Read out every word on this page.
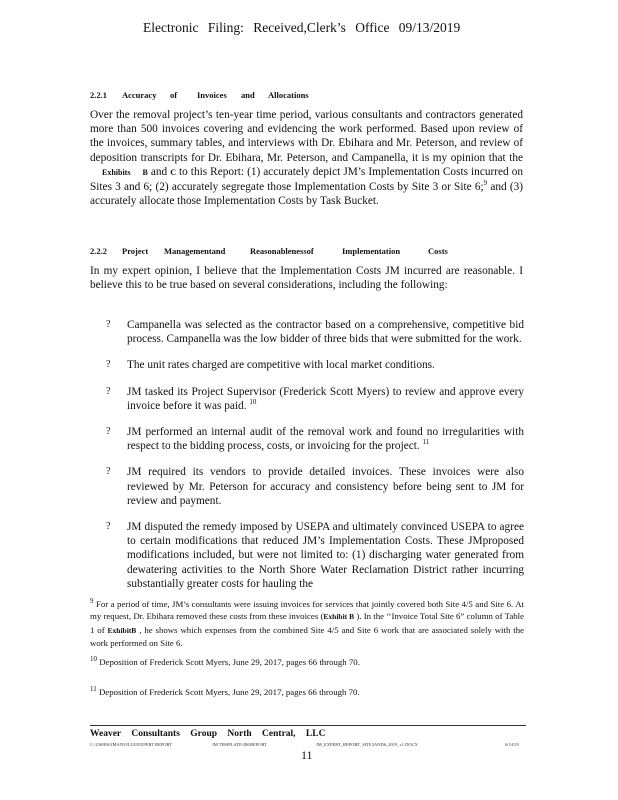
Electronic Filing: Received,Clerk’s Office 09/13/2019
2.2.1	Accuracy	of	Invoices	and	Allocations
Over the removal project’s ten-year time period, various consultants and contractors generated more than 500 invoices covering and evidencing the work performed. Based upon review of the invoices, summary tables, and interviews with Dr. Ebihara and Mr. Peterson, and review of deposition transcripts for Dr. Ebihara, Mr. Peterson, and Campanella, it is my opinion that the Exhibits B and C to this Report: (1) accurately depict JM’s Implementation Costs incurred on Sites 3 and 6; (2) accurately segregate those Implementation Costs by Site 3 or Site 6;$^9$ and (3) accurately allocate those Implementation Costs by Task Bucket.
2.2.2	Project	Managementand	Reasonablenessof	Implementation	Costs
In my expert opinion, I believe that the Implementation Costs JM incurred are reasonable. I believe this to be true based on several considerations, including the following:
?	Campanella was selected as the contractor based on a comprehensive, competitive bid process. Campanella was the low bidder of three bids that were submitted for the work.
?	The unit rates charged are competitive with local market conditions.
?	JM tasked its Project Supervisor (Frederick Scott Myers) to review and approve every invoice before it was paid. $^{10}$
?	JM performed an internal audit of the removal work and found no irregularities with respect to the bidding process, costs, or invoicing for the project. $^{11}$
?	JM required its vendors to provide detailed invoices. These invoices were also reviewed by Mr. Peterson for accuracy and consistency before being sent to JM for review and payment.
?	JM disputed the remedy imposed by USEPA and ultimately convinced USEPA to agree to certain modifications that reduced JM’s Implementation Costs. These JMproposed modifications included, but were not limited to: (1) discharging water generated from dewatering activities to the North Shore Water Reclamation District rather incurring substantially greater costs for hauling the
$^9$ For a period of time, JM’s consultants were issuing invoices for services that jointly covered both Site 4/5 and Site 6. At my request, Dr. Ebihara removed these costs from these invoices (Exhibit B ). In the ‘‘Invoice Total Site 6” column of Table 1 of ExhibitB , he shows which expenses from the combined Site 4/5 and Site 6 work that are associated solely with the work performed on Site 6.
$^{10}$ Deposition of Frederick Scott Myers, June 29, 2017, pages 66 through 70.
$^{11}$ Deposition of Frederick Scott Myers, June 29, 2017, pages 66 through 70.
Weaver Consultants Group North Central, LLC
C:\USERS\JMANVILLE\EXPERT REPORT	JM TEMPLATE\JM\REPORT	JM_EXPERT_REPORT_SITE3AND6_2019_v1 DOCX	6/14/19
11
